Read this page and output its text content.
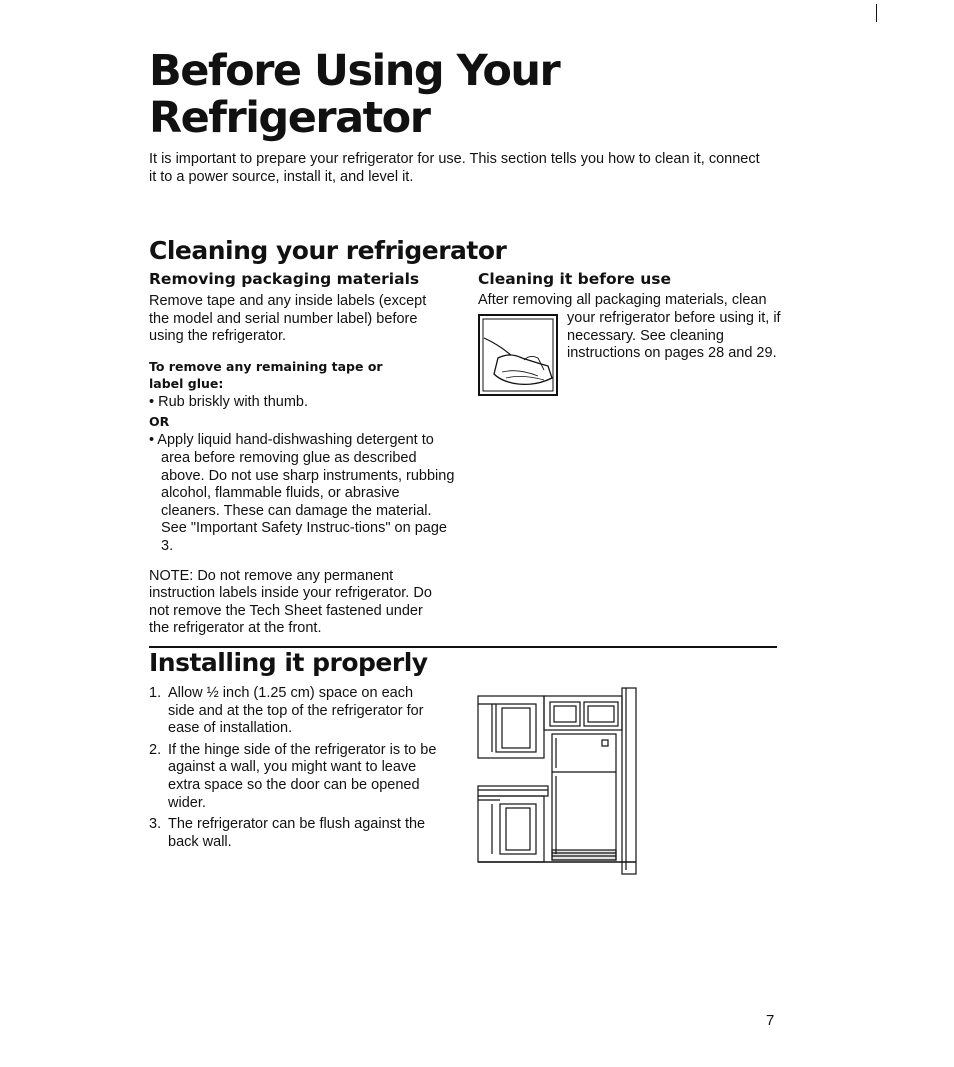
Before Using Your Refrigerator

It is important to prepare your refrigerator for use. This section tells you how to clean it, connect it to a power source, install it, and level it.

Cleaning your refrigerator
Removing packaging materials

Remove tape and any inside labels (except the model and serial number label) before using the refrigerator.

To remove any remaining tape or label glue:

• Rub briskly with thumb.

OR

• Apply liquid hand-dishwashing detergent to area before removing glue as described above. Do not use sharp instruments, rubbing alcohol, flammable fluids, or abrasive cleaners. These can damage the material. See "Important Safety Instruc-tions" on page 3.

NOTE: Do not remove any permanent instruction labels inside your refrigerator. Do not remove the Tech Sheet fastened under the refrigerator at the front.

Cleaning it before use

After removing all packaging materials, clean

your refrigerator before using it, if necessary. See cleaning instructions on pages 28 and 29.

Installing it properly
1. Allow ½ inch (1.25 cm) space on each side and at the top of the refrigerator for ease of installation.
2. If the hinge side of the refrigerator is to be against a wall, you might want to leave extra space so the door can be opened wider.
3. The refrigerator can be flush against the back wall.
7
